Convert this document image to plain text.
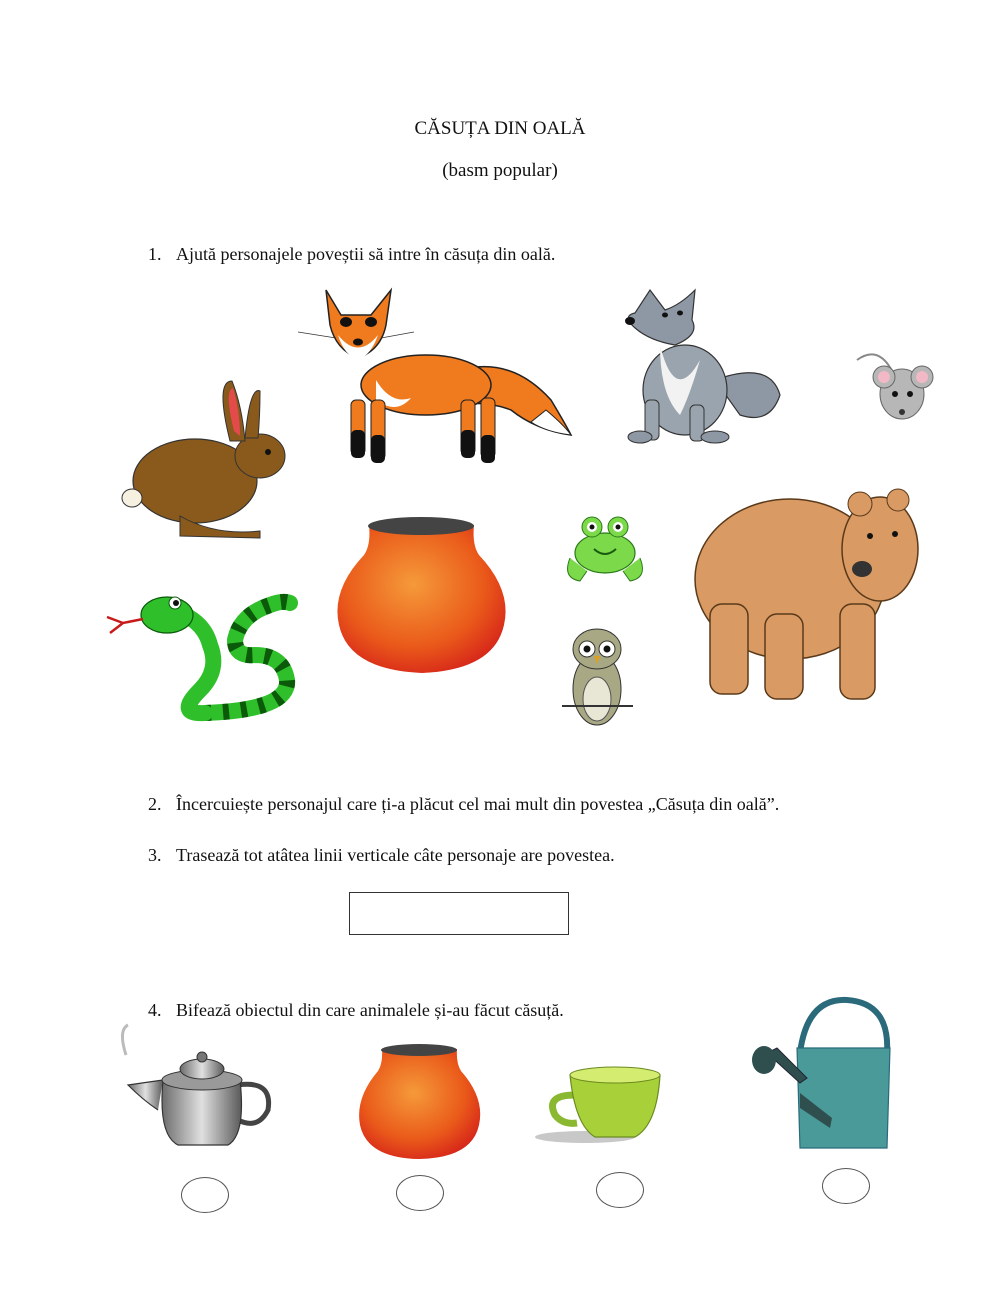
CĂSUȚA DIN OALĂ
(basm popular)
1. Ajută personajele poveștii să intre în căsuța din oală.
2. Încercuiește personajul care ți-a plăcut cel mai mult din povestea „Căsuța din oală”.
3. Trasează tot atâtea linii verticale câte personaje are povestea.
4. Bifează obiectul din care animalele și-au făcut căsuță.
